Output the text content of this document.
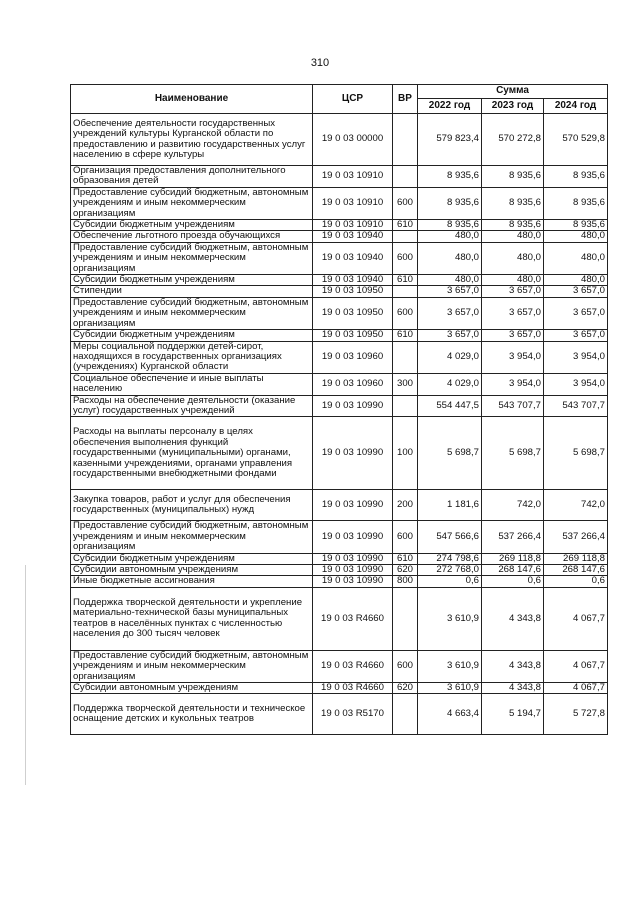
310
Наименование	ЦСР	ВР	Сумма		
			2022 год	2023 год	2024 год
Обеспечение деятельности государственных учреждений культуры Курганской области по предоставлению и развитию государственных услуг населению в сфере культуры	19 0 03 00000		579 823,4	570 272,8	570 529,8
Организация предоставления дополнительного образования детей	19 0 03 10910		8 935,6	8 935,6	8 935,6
Предоставление субсидий бюджетным, автономным учреждениям и иным некоммерческим организациям	19 0 03 10910	600	8 935,6	8 935,6	8 935,6
Субсидии бюджетным учреждениям	19 0 03 10910	610	8 935,6	8 935,6	8 935,6
Обеспечение льготного проезда обучающихся	19 0 03 10940		480,0	480,0	480,0
Предоставление субсидий бюджетным, автономным учреждениям и иным некоммерческим организациям	19 0 03 10940	600	480,0	480,0	480,0
Субсидии бюджетным учреждениям	19 0 03 10940	610	480,0	480,0	480,0
Стипендии	19 0 03 10950		3 657,0	3 657,0	3 657,0
Предоставление субсидий бюджетным, автономным учреждениям и иным некоммерческим организациям	19 0 03 10950	600	3 657,0	3 657,0	3 657,0
Субсидии бюджетным учреждениям	19 0 03 10950	610	3 657,0	3 657,0	3 657,0
Меры социальной поддержки детей-сирот, находящихся в государственных организациях (учреждениях) Курганской области	19 0 03 10960		4 029,0	3 954,0	3 954,0
Социальное обеспечение и иные выплаты населению	19 0 03 10960	300	4 029,0	3 954,0	3 954,0
Расходы на обеспечение деятельности (оказание услуг) государственных учреждений	19 0 03 10990		554 447,5	543 707,7	543 707,7
Расходы на выплаты персоналу в целях обеспечения выполнения функций государственными (муниципальными) органами, казенными учреждениями, органами управления государственными внебюджетными фондами	19 0 03 10990	100	5 698,7	5 698,7	5 698,7
Закупка товаров, работ и услуг для обеспечения государственных (муниципальных) нужд	19 0 03 10990	200	1 181,6	742,0	742,0
Предоставление субсидий бюджетным, автономным учреждениям и иным некоммерческим организациям	19 0 03 10990	600	547 566,6	537 266,4	537 266,4
Субсидии бюджетным учреждениям	19 0 03 10990	610	274 798,6	269 118,8	269 118,8
Субсидии автономным учреждениям	19 0 03 10990	620	272 768,0	268 147,6	268 147,6
Иные бюджетные ассигнования	19 0 03 10990	800	0,6	0,6	0,6
Поддержка творческой деятельности и укрепление материально-технической базы муниципальных театров в населённых пунктах с численностью населения до 300 тысяч человек	19 0 03 R4660		3 610,9	4 343,8	4 067,7
Предоставление субсидий бюджетным, автономным учреждениям и иным некоммерческим организациям	19 0 03 R4660	600	3 610,9	4 343,8	4 067,7
Субсидии автономным учреждениям	19 0 03 R4660	620	3 610,9	4 343,8	4 067,7
Поддержка творческой деятельности и техническое оснащение детских и кукольных театров	19 0 03 R5170		4 663,4	5 194,7	5 727,8
